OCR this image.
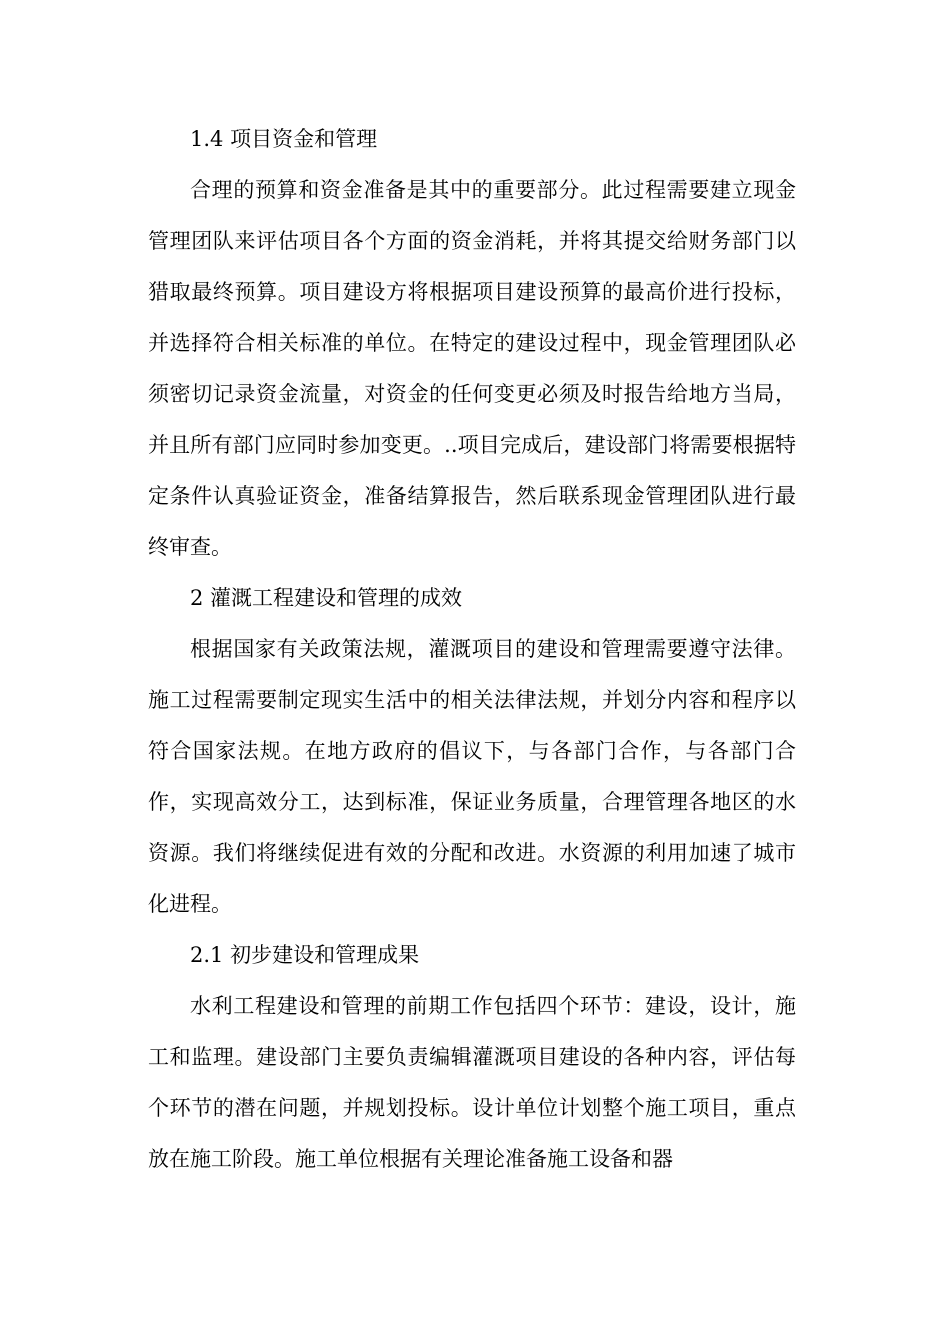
1.4 项目资金和管理

合理的预算和资金准备是其中的重要部分。此过程需要建立现金管理团队来评估项目各个方面的资金消耗，并将其提交给财务部门以猎取最终预算。项目建设方将根据项目建设预算的最高价进行投标，并选择符合相关标准的单位。在特定的建设过程中，现金管理团队必须密切记录资金流量，对资金的任何变更必须及时报告给地方当局，并且所有部门应同时参加变更。..项目完成后，建设部门将需要根据特定条件认真验证资金，准备结算报告，然后联系现金管理团队进行最终审查。

2 灌溉工程建设和管理的成效

根据国家有关政策法规，灌溉项目的建设和管理需要遵守法律。施工过程需要制定现实生活中的相关法律法规，并划分内容和程序以符合国家法规。在地方政府的倡议下，与各部门合作，与各部门合作，实现高效分工，达到标准，保证业务质量，合理管理各地区的水资源。我们将继续促进有效的分配和改进。水资源的利用加速了城市化进程。

2.1 初步建设和管理成果

水利工程建设和管理的前期工作包括四个环节：建设，设计，施工和监理。建设部门主要负责编辑灌溉项目建设的各种内容，评估每个环节的潜在问题，并规划投标。设计单位计划整个施工项目，重点放在施工阶段。施工单位根据有关理论准备施工设备和器
